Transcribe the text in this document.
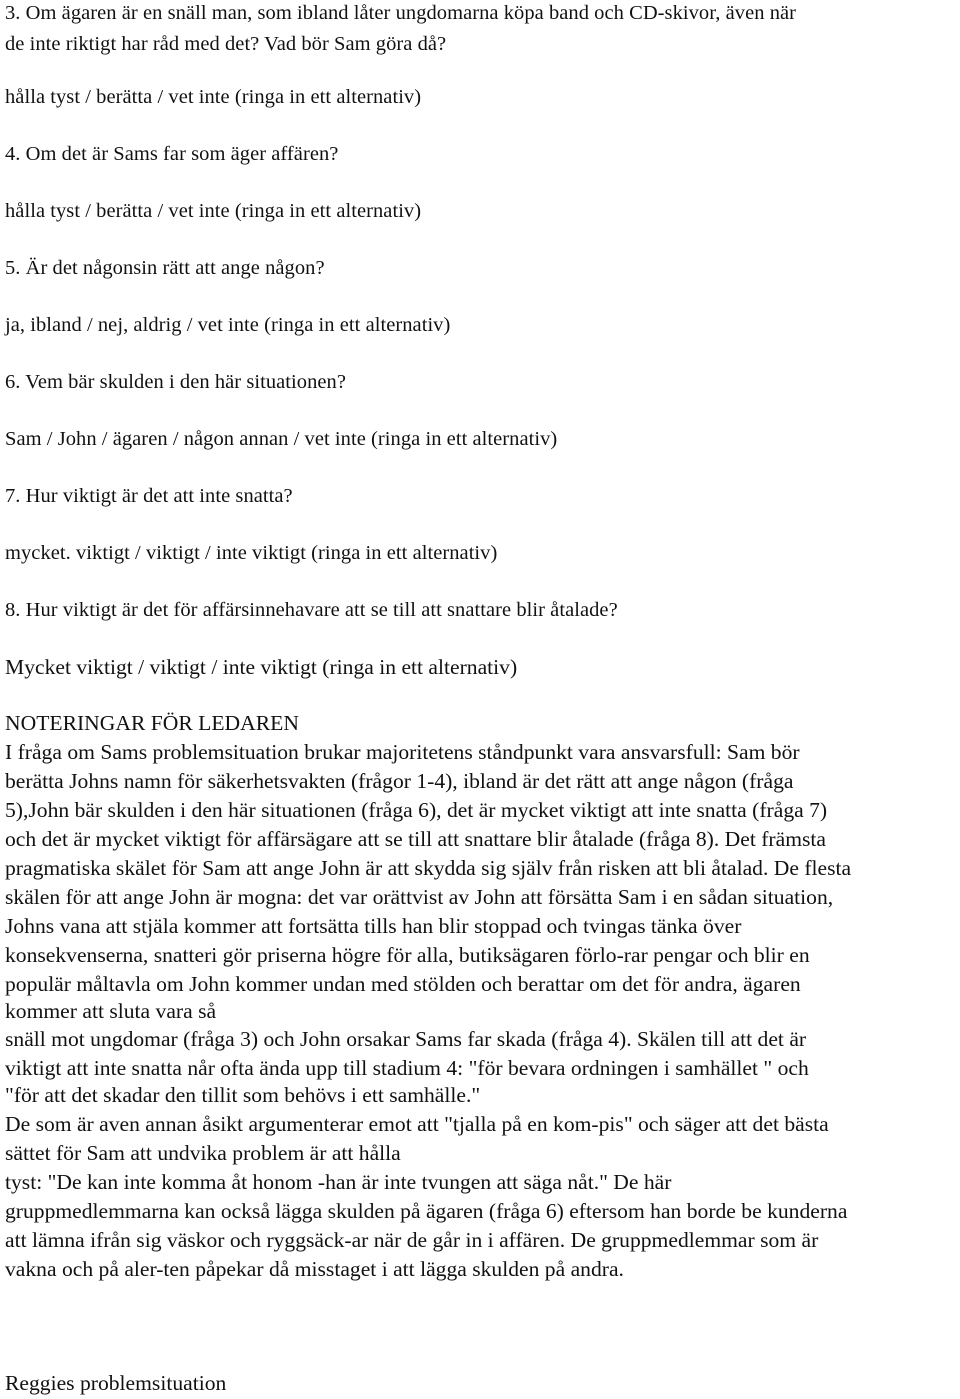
3. Om ägaren är en snäll man, som ibland låter ungdomarna köpa band och CD-skivor, även när
de inte riktigt har råd med det? Vad bör Sam göra då?
hålla tyst / berätta / vet inte (ringa in ett alternativ)
4. Om det är Sams far som äger affären?
hålla tyst / berätta / vet inte (ringa in ett alternativ)
5. Är det någonsin rätt att ange någon?
ja, ibland / nej, aldrig / vet inte (ringa in ett alternativ)
6. Vem bär skulden i den här situationen?
Sam / John / ägaren / någon annan / vet inte (ringa in ett alternativ)
7. Hur viktigt är det att inte snatta?
mycket. viktigt / viktigt / inte viktigt (ringa in ett alternativ)
8. Hur viktigt är det för affärsinnehavare att se till att snattare blir åtalade?
Mycket viktigt / viktigt / inte viktigt (ringa in ett alternativ)
NOTERINGAR FÖR LEDAREN
I fråga om Sams problemsituation brukar majoritetens ståndpunkt vara ansvarsfull: Sam bör
berätta Johns namn för säkerhetsvakten (frågor 1-4), ibland är det rätt att ange någon (fråga
5),John bär skulden i den här situationen (fråga 6), det är mycket viktigt att inte snatta (fråga 7)
och det är mycket viktigt för affärsägare att se till att snattare blir åtalade (fråga 8). Det främsta
pragmatiska skälet för Sam att ange John är att skydda sig själv från risken att bli åtalad. De flesta
skälen för att ange John är mogna: det var orättvist av John att försätta Sam i en sådan situation,
Johns vana att stjäla kommer att fortsätta tills han blir stoppad och tvingas tänka över
konsekvenserna, snatteri gör priserna högre för alla, butiksägaren förlo-rar pengar och blir en
populär måltavla om John kommer undan med stölden och berattar om det för andra, ägaren
kommer att sluta vara så
snäll mot ungdomar (fråga 3) och John orsakar Sams far skada (fråga 4). Skälen till att det är
viktigt att inte snatta når ofta ända upp till stadium 4: "för bevara ordningen i samhället " och
"för att det skadar den tillit som behövs i ett samhälle."
De som är aven annan åsikt argumenterar emot att "tjalla på en kom-pis" och säger att det bästa
sättet för Sam att undvika problem är att hålla
tyst: "De kan inte komma åt honom -han är inte tvungen att säga nåt." De här
gruppmedlemmarna kan också lägga skulden på ägaren (fråga 6) eftersom han borde be kunderna
att lämna ifrån sig väskor och ryggsäck-ar när de går in i affären. De gruppmedlemmar som är
vakna och på aler-ten påpekar då misstaget i att lägga skulden på andra.
Reggies problemsituation
